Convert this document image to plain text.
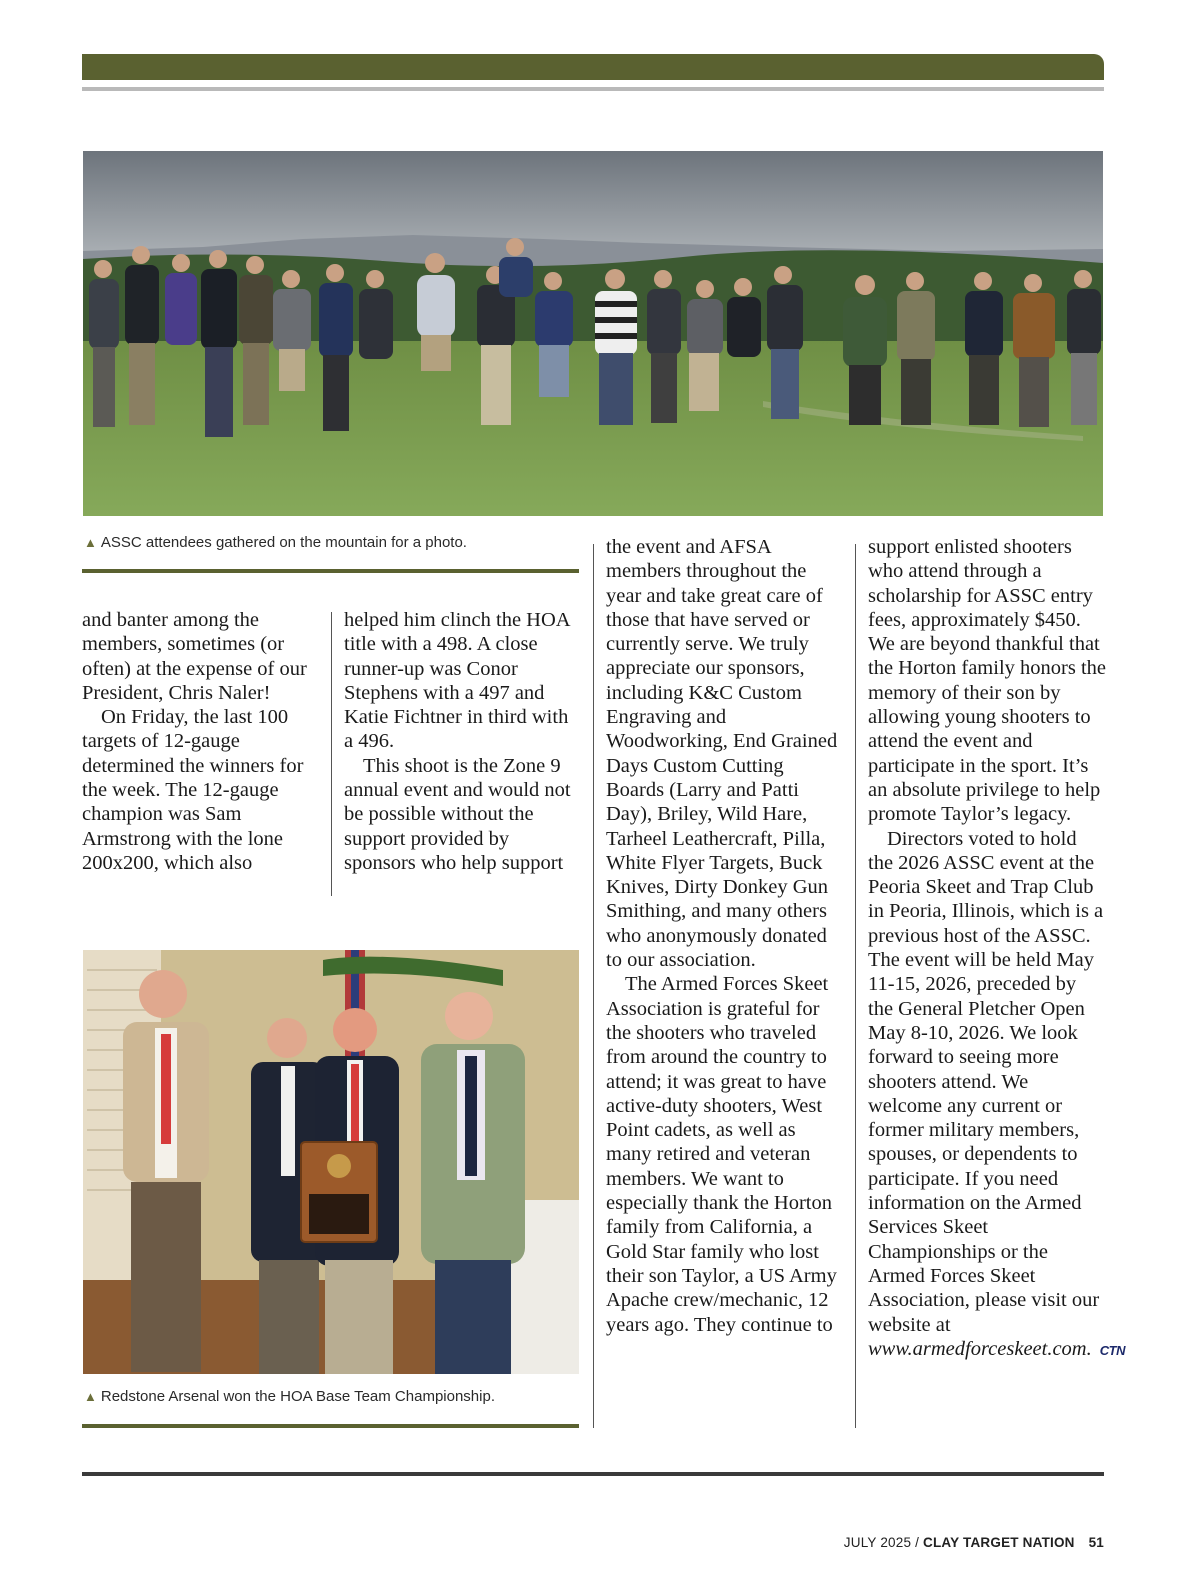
▲ ASSC attendees gathered on the mountain for a photo.

and banter among the members, sometimes (or often) at the expense of our President, Chris Naler!

On Friday, the last 100 targets of 12-gauge determined the winners for the week. The 12-gauge champion was Sam Armstrong with the lone 200x200, which also

helped him clinch the HOA title with a 498. A close runner-up was Conor Stephens with a 497 and Katie Fichtner in third with a 496.

This shoot is the Zone 9 annual event and would not be possible without the support provided by sponsors who help support

▲ Redstone Arsenal won the HOA Base Team Championship.

the event and AFSA members throughout the year and take great care of those that have served or currently serve. We truly appreciate our sponsors, including K&C Custom Engraving and Woodworking, End Grained Days Custom Cutting Boards (Larry and Patti Day), Briley, Wild Hare, Tarheel Leathercraft, Pilla, White Flyer Targets, Buck Knives, Dirty Donkey Gun Smithing, and many others who anonymously donated to our association.

The Armed Forces Skeet Association is grateful for the shooters who traveled from around the country to attend; it was great to have active-duty shooters, West Point cadets, as well as many retired and veteran members. We want to especially thank the Horton family from California, a Gold Star family who lost their son Taylor, a US Army Apache crew/mechanic, 12 years ago. They continue to

support enlisted shooters who attend through a scholarship for ASSC entry fees, approximately $450. We are beyond thankful that the Horton family honors the memory of their son by allowing young shooters to attend the event and participate in the sport. It’s an absolute privilege to help promote Taylor’s legacy.

Directors voted to hold the 2026 ASSC event at the Peoria Skeet and Trap Club in Peoria, Illinois, which is a previous host of the ASSC. The event will be held May 11-15, 2026, preceded by the General Pletcher Open May 8-10, 2026. We look forward to seeing more shooters attend. We welcome any current or former military members, spouses, or dependents to participate. If you need information on the Armed Services Skeet Championships or the Armed Forces Skeet Association, please visit our website at www.armedforceskeet.com. CTN

JULY 2025 / CLAY TARGET NATION 51
